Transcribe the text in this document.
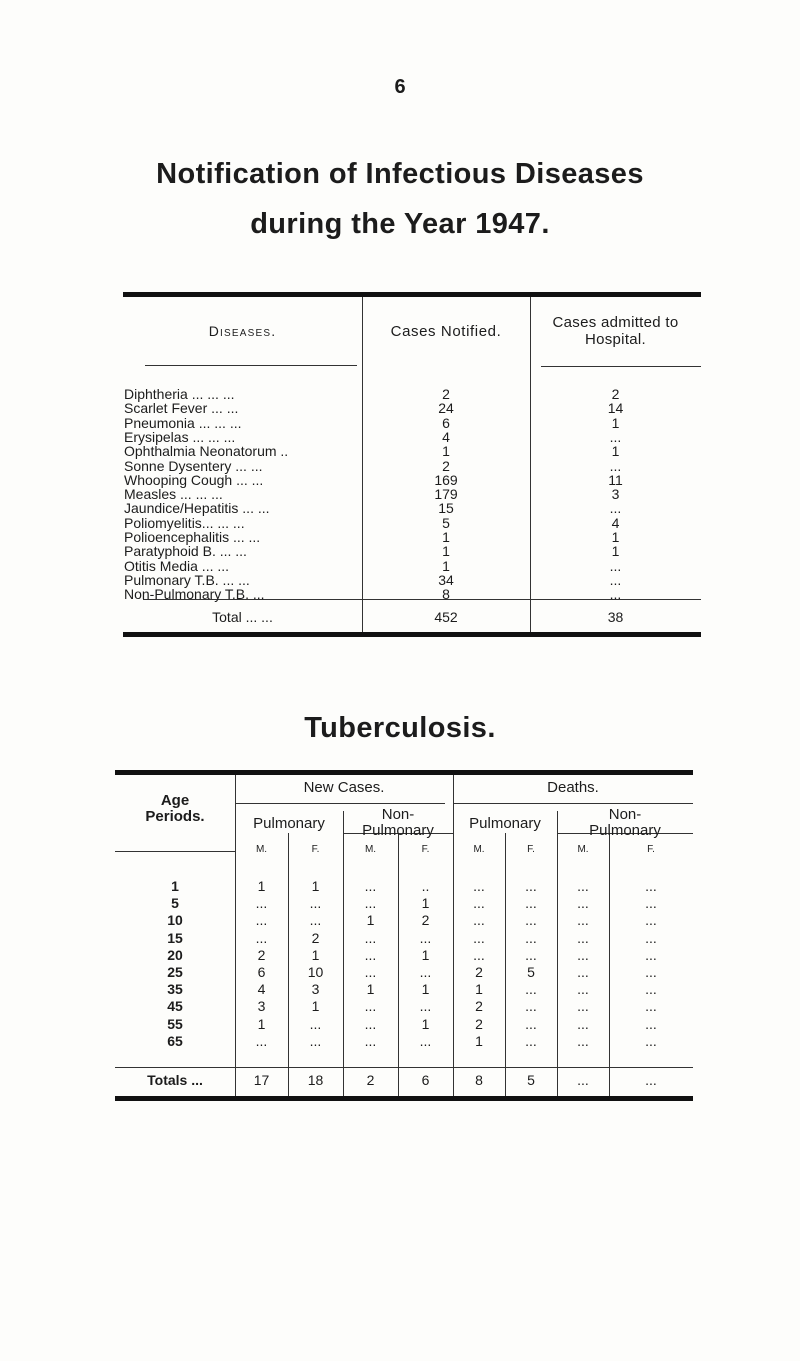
6
Notification of Infectious Diseases
during the Year 1947.
Diseases.	Cases Notified.
Cases admitted to
Hospital.
Diphtheria ... ... ...	2	2
Scarlet Fever ... ...	24	14
Pneumonia ... ... ...	6	1
Erysipelas ... ... ...	4	...
Ophthalmia Neonatorum ..	1	1
Sonne Dysentery ... ...	2	...
Whooping Cough ... ...	169	11
Measles ... ... ...	179	3
Jaundice/Hepatitis ... ...	15	...
Poliomyelitis... ... ...	5	4
Polioencephalitis ... ...	1	1
Paratyphoid B. ... ...	1	1
Otitis Media ... ...	1	...
Pulmonary T.B. ... ...	34	...
Non-Pulmonary T.B. ...	8	...
Total ... ...	452	38
Tuberculosis.
Age
Periods.
New Cases.	Deaths.
Pulmonary
Non-
Pulmonary	Pulmonary
Non-
Pulmonary
M.	F.	M.	F.	M.	F.	M.	F.
1	1	1	...	..	...	...	...	...
5	...	...	...	1	...	...	...	...
10	...	...	1	2	...	...	...	...
15	...	2	...	...	...	...	...	...
20	2	1	...	1	...	...	...	...
25	6	10	...	...	2	5	...	...
35	4	3	1	1	1	...	...	...
45	3	1	...	...	2	...	...	...
55	1	...	...	1	2	...	...	...
65	...	...	...	...	1	...	...	...
Totals ...	17	18	2	6	8	5	...	...
